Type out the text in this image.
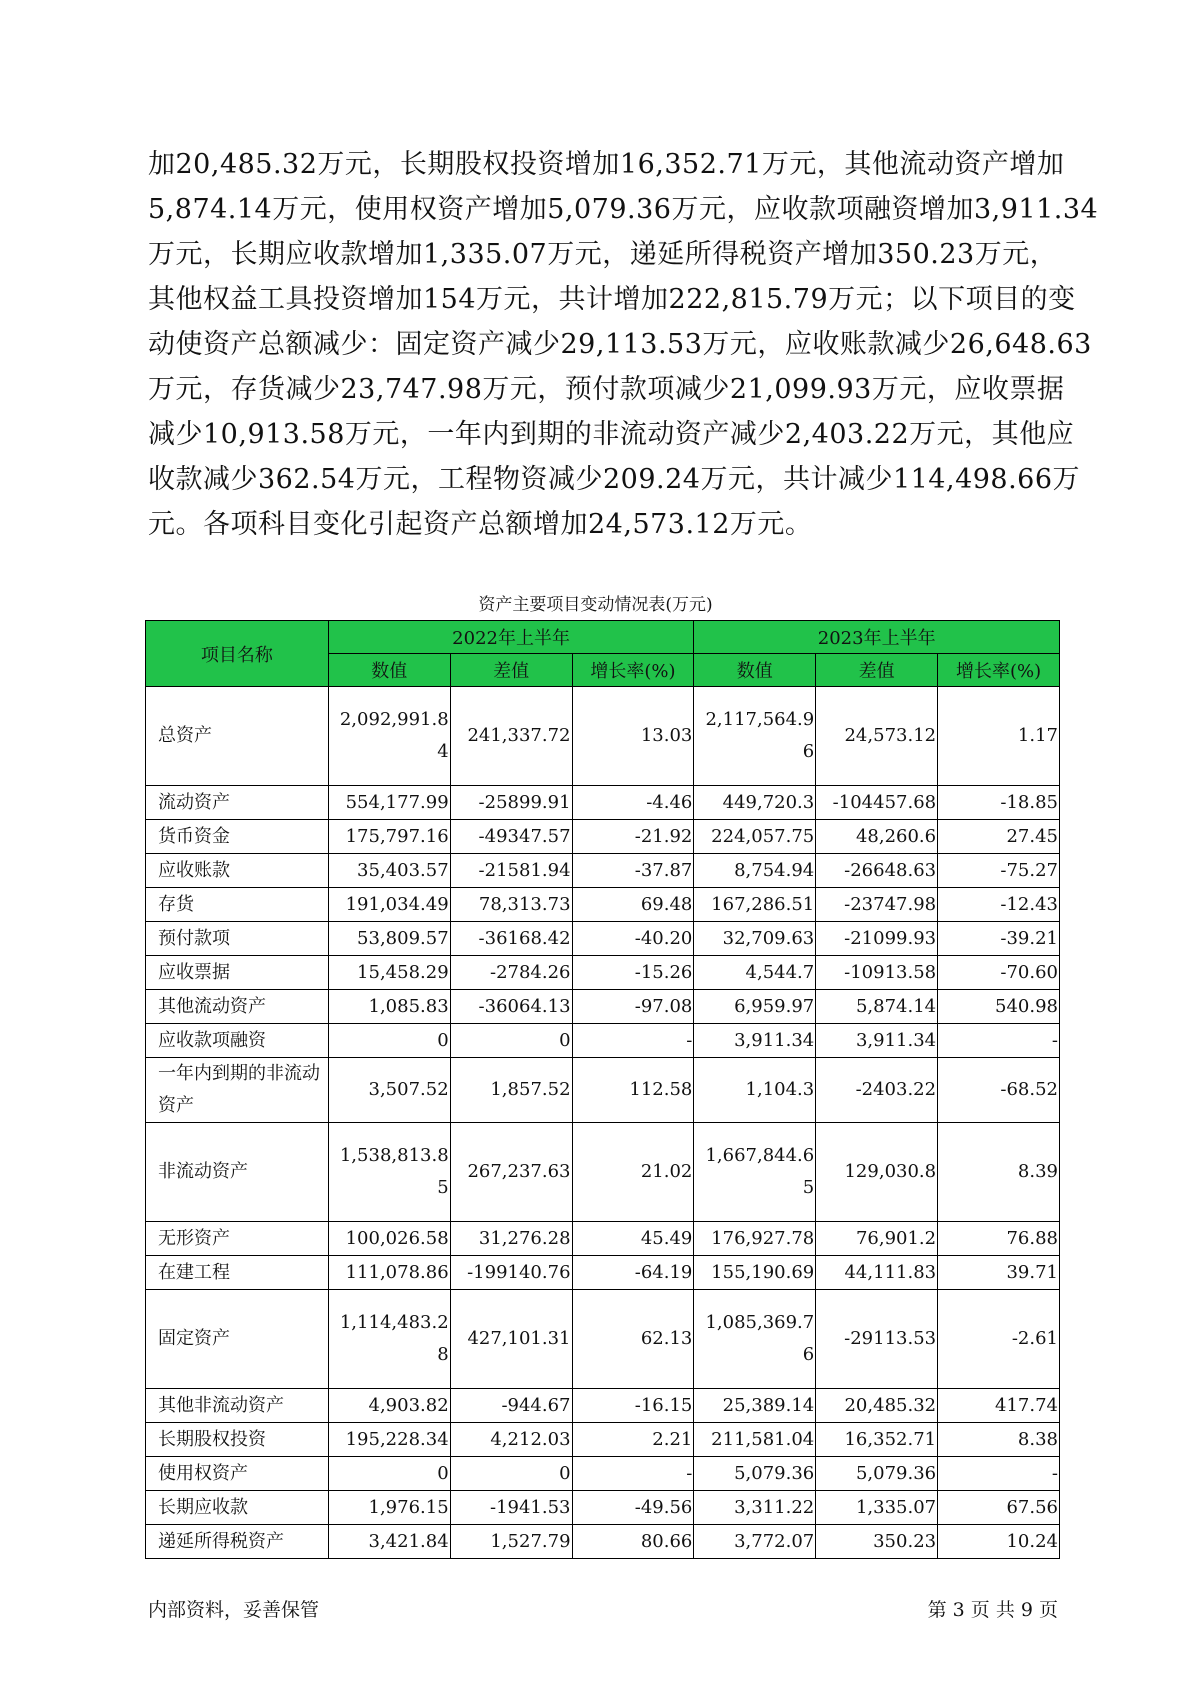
加20,485.32万元，长期股权投资增加16,352.71万元，其他流动资产增加
5,874.14万元，使用权资产增加5,079.36万元，应收款项融资增加3,911.34
万元，长期应收款增加1,335.07万元，递延所得税资产增加350.23万元，
其他权益工具投资增加154万元，共计增加222,815.79万元；以下项目的变
动使资产总额减少：固定资产减少29,113.53万元，应收账款减少26,648.63
万元，存货减少23,747.98万元，预付款项减少21,099.93万元，应收票据
减少10,913.58万元，一年内到期的非流动资产减少2,403.22万元，其他应
收款减少362.54万元，工程物资减少209.24万元，共计减少114,498.66万
元。各项科目变化引起资产总额增加24,573.12万元。
资产主要项目变动情况表(万元)
项目名称	2022年上半年			2023年上半年		
	数值	差值	增长率(%)	数值	差值	增长率(%)
总资产	2,092,991.84	241,337.72	13.03	2,117,564.96	24,573.12	1.17
流动资产	554,177.99	-25899.91	-4.46	449,720.3	-104457.68	-18.85
货币资金	175,797.16	-49347.57	-21.92	224,057.75	48,260.6	27.45
应收账款	35,403.57	-21581.94	-37.87	8,754.94	-26648.63	-75.27
存货	191,034.49	78,313.73	69.48	167,286.51	-23747.98	-12.43
预付款项	53,809.57	-36168.42	-40.20	32,709.63	-21099.93	-39.21
应收票据	15,458.29	-2784.26	-15.26	4,544.7	-10913.58	-70.60
其他流动资产	1,085.83	-36064.13	-97.08	6,959.97	5,874.14	540.98
应收款项融资	0	0	-	3,911.34	3,911.34	-
一年内到期的非流动资产	3,507.52	1,857.52	112.58	1,104.3	-2403.22	-68.52
非流动资产	1,538,813.85	267,237.63	21.02	1,667,844.65	129,030.8	8.39
无形资产	100,026.58	31,276.28	45.49	176,927.78	76,901.2	76.88
在建工程	111,078.86	-199140.76	-64.19	155,190.69	44,111.83	39.71
固定资产	1,114,483.28	427,101.31	62.13	1,085,369.76	-29113.53	-2.61
其他非流动资产	4,903.82	-944.67	-16.15	25,389.14	20,485.32	417.74
长期股权投资	195,228.34	4,212.03	2.21	211,581.04	16,352.71	8.38
使用权资产	0	0	-	5,079.36	5,079.36	-
长期应收款	1,976.15	-1941.53	-49.56	3,311.22	1,335.07	67.56
递延所得税资产	3,421.84	1,527.79	80.66	3,772.07	350.23	10.24
内部资料，妥善保管	第 3 页 共 9 页
